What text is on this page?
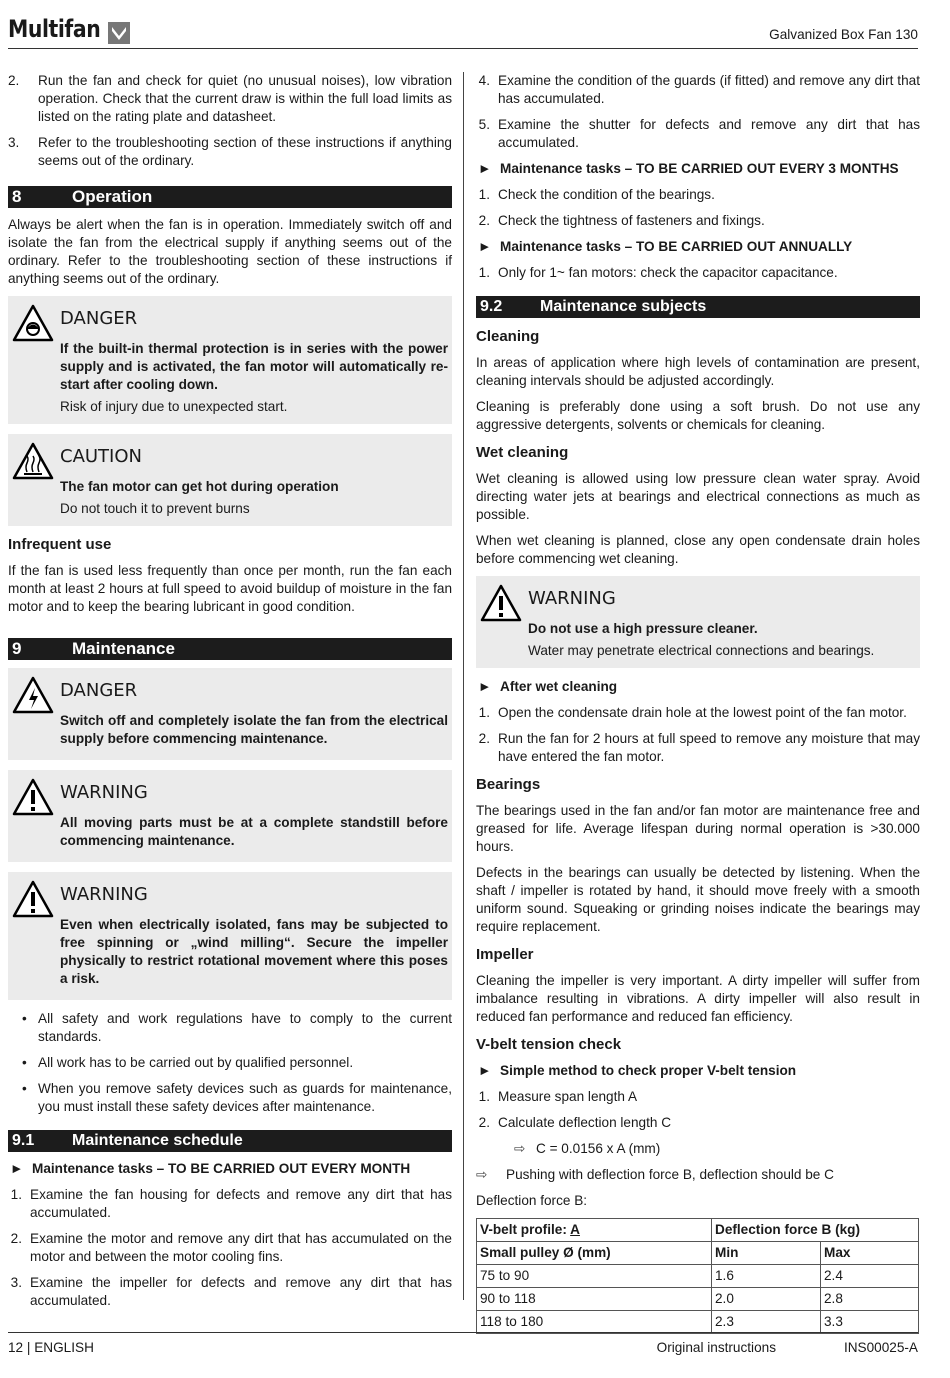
Multifan	Galvanized Box Fan 130
2.	Run the fan and check for quiet (no unusual noises), low vibration operation. Check that the current draw is within the full load limits as listed on the rating plate and datasheet.
3.	Refer to the troubleshooting section of these instructions if anything seems out of the ordinary.
8	Operation

Always be alert when the fan is in operation. Immediately switch off and isolate the fan from the electrical supply if anything seems out of the ordinary. Refer to the troubleshooting section of these instructions if anything seems out of the ordinary.

DANGER
If the built-in thermal protection is in series with the power supply and is activated, the fan motor will automatically re-start after cooling down.
Risk of injury due to unexpected start.
CAUTION
The fan motor can get hot during operation
Do not touch it to prevent burns
Infrequent use

If the fan is used less frequently than once per month, run the fan each month at least 2 hours at full speed to avoid buildup of moisture in the fan motor and to keep the bearing lubricant in good condition.

9	Maintenance
DANGER
Switch off and completely isolate the fan from the electrical supply before commencing maintenance.
WARNING
All moving parts must be at a complete standstill before commencing maintenance.
WARNING
Even when electrically isolated, fans may be subjected to free spinning or „wind milling“. Secure the impeller physically to restrict rotational movement where this poses a risk.
• All safety and work regulations have to comply to the current standards.
• All work has to be carried out by qualified personnel.
• When you remove safety devices such as guards for maintenance, you must install these safety devices after maintenance.
9.1	Maintenance schedule
► Maintenance tasks – TO BE CARRIED OUT EVERY MONTH
1. Examine the fan housing for defects and remove any dirt that has accumulated.
2. Examine the motor and remove any dirt that has accumulated on the motor and between the motor cooling fins.
3. Examine the impeller for defects and remove any dirt that has accumulated.
4. Examine the condition of the guards (if fitted) and remove any dirt that has accumulated.
5. Examine the shutter for defects and remove any dirt that has accumulated.
► Maintenance tasks – TO BE CARRIED OUT EVERY 3 MONTHS
1. Check the condition of the bearings.
2. Check the tightness of fasteners and fixings.
► Maintenance tasks – TO BE CARRIED OUT ANNUALLY
1. Only for 1~ fan motors: check the capacitor capacitance.
9.2	Maintenance subjects
Cleaning

In areas of application where high levels of contamination are present, cleaning intervals should be adjusted accordingly.

Cleaning is preferably done using a soft brush. Do not use any aggressive detergents, solvents or chemicals for cleaning.

Wet cleaning

Wet cleaning is allowed using low pressure clean water spray. Avoid directing water jets at bearings and electrical connections as much as possible.

When wet cleaning is planned, close any open condensate drain holes before commencing wet cleaning.

WARNING
Do not use a high pressure cleaner.
Water may penetrate electrical connections and bearings.
► After wet cleaning
1. Open the condensate drain hole at the lowest point of the fan motor.
2. Run the fan for 2 hours at full speed to remove any moisture that may have entered the fan motor.
Bearings

The bearings used in the fan and/or fan motor are maintenance free and greased for life. Average lifespan during normal operation is >30.000 hours.

Defects in the bearings can usually be detected by listening. When the shaft / impeller is rotated by hand, it should move freely with a smooth uniform sound. Squeaking or grinding noises indicate the bearings may require replacement.

Impeller

Cleaning the impeller is very important. A dirty impeller will suffer from imbalance resulting in vibrations. A dirty impeller will also result in reduced fan performance and reduced fan efficiency.

V-belt tension check
► Simple method to check proper V-belt tension
1. Measure span length A
2. Calculate deflection length C
⇨ C = 0.0156 x A (mm)
⇨	Pushing with deflection force B, deflection should be C

Deflection force B:

V-belt profile: A	Deflection force B (kg)	
Small pulley Ø (mm)	Min	Max
75 to 90	1.6	2.4
90 to 118	2.0	2.8
118 to 180	2.3	3.3
12 | ENGLISH	Original instructions	INS00025-A
